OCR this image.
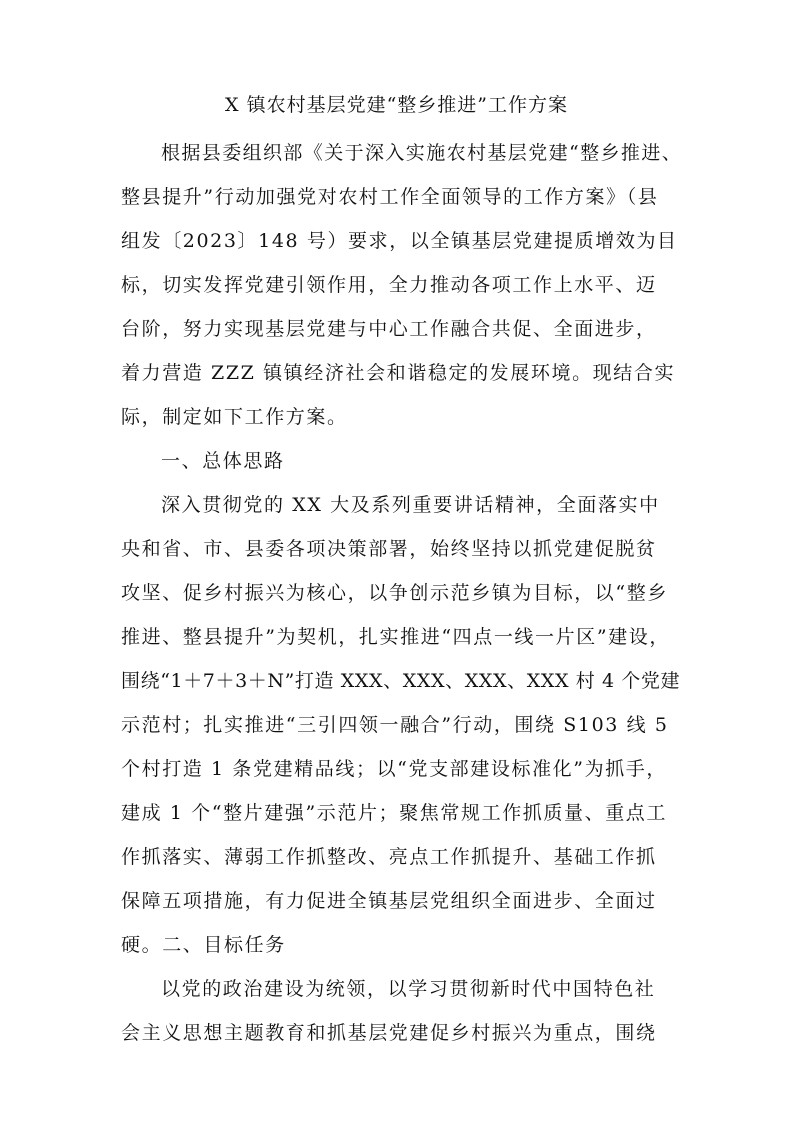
X 镇农村基层党建“整乡推进”工作方案
根据县委组织部《关于深入实施农村基层党建“整乡推进、
整县提升”行动加强党对农村工作全面领导的工作方案》（县
组发〔2023〕148 号）要求，以全镇基层党建提质增效为目
标，切实发挥党建引领作用，全力推动各项工作上水平、迈
台阶，努力实现基层党建与中心工作融合共促、全面进步，
着力营造 ZZZ 镇镇经济社会和谐稳定的发展环境。现结合实
际，制定如下工作方案。
一、总体思路
深入贯彻党的 XX 大及系列重要讲话精神，全面落实中
央和省、市、县委各项决策部署，始终坚持以抓党建促脱贫
攻坚、促乡村振兴为核心，以争创示范乡镇为目标，以“整乡
推进、整县提升”为契机，扎实推进“四点一线一片区”建设，
围绕“1＋7＋3＋N”打造 XXX、XXX、XXX、XXX 村 4 个党建
示范村；扎实推进“三引四领一融合”行动，围绕 S103 线 5
个村打造 1 条党建精品线；以“党支部建设标准化”为抓手，
建成 1 个“整片建强”示范片；聚焦常规工作抓质量、重点工
作抓落实、薄弱工作抓整改、亮点工作抓提升、基础工作抓
保障五项措施，有力促进全镇基层党组织全面进步、全面过
硬。二、目标任务
以党的政治建设为统领，以学习贯彻新时代中国特色社
会主义思想主题教育和抓基层党建促乡村振兴为重点，围绕
